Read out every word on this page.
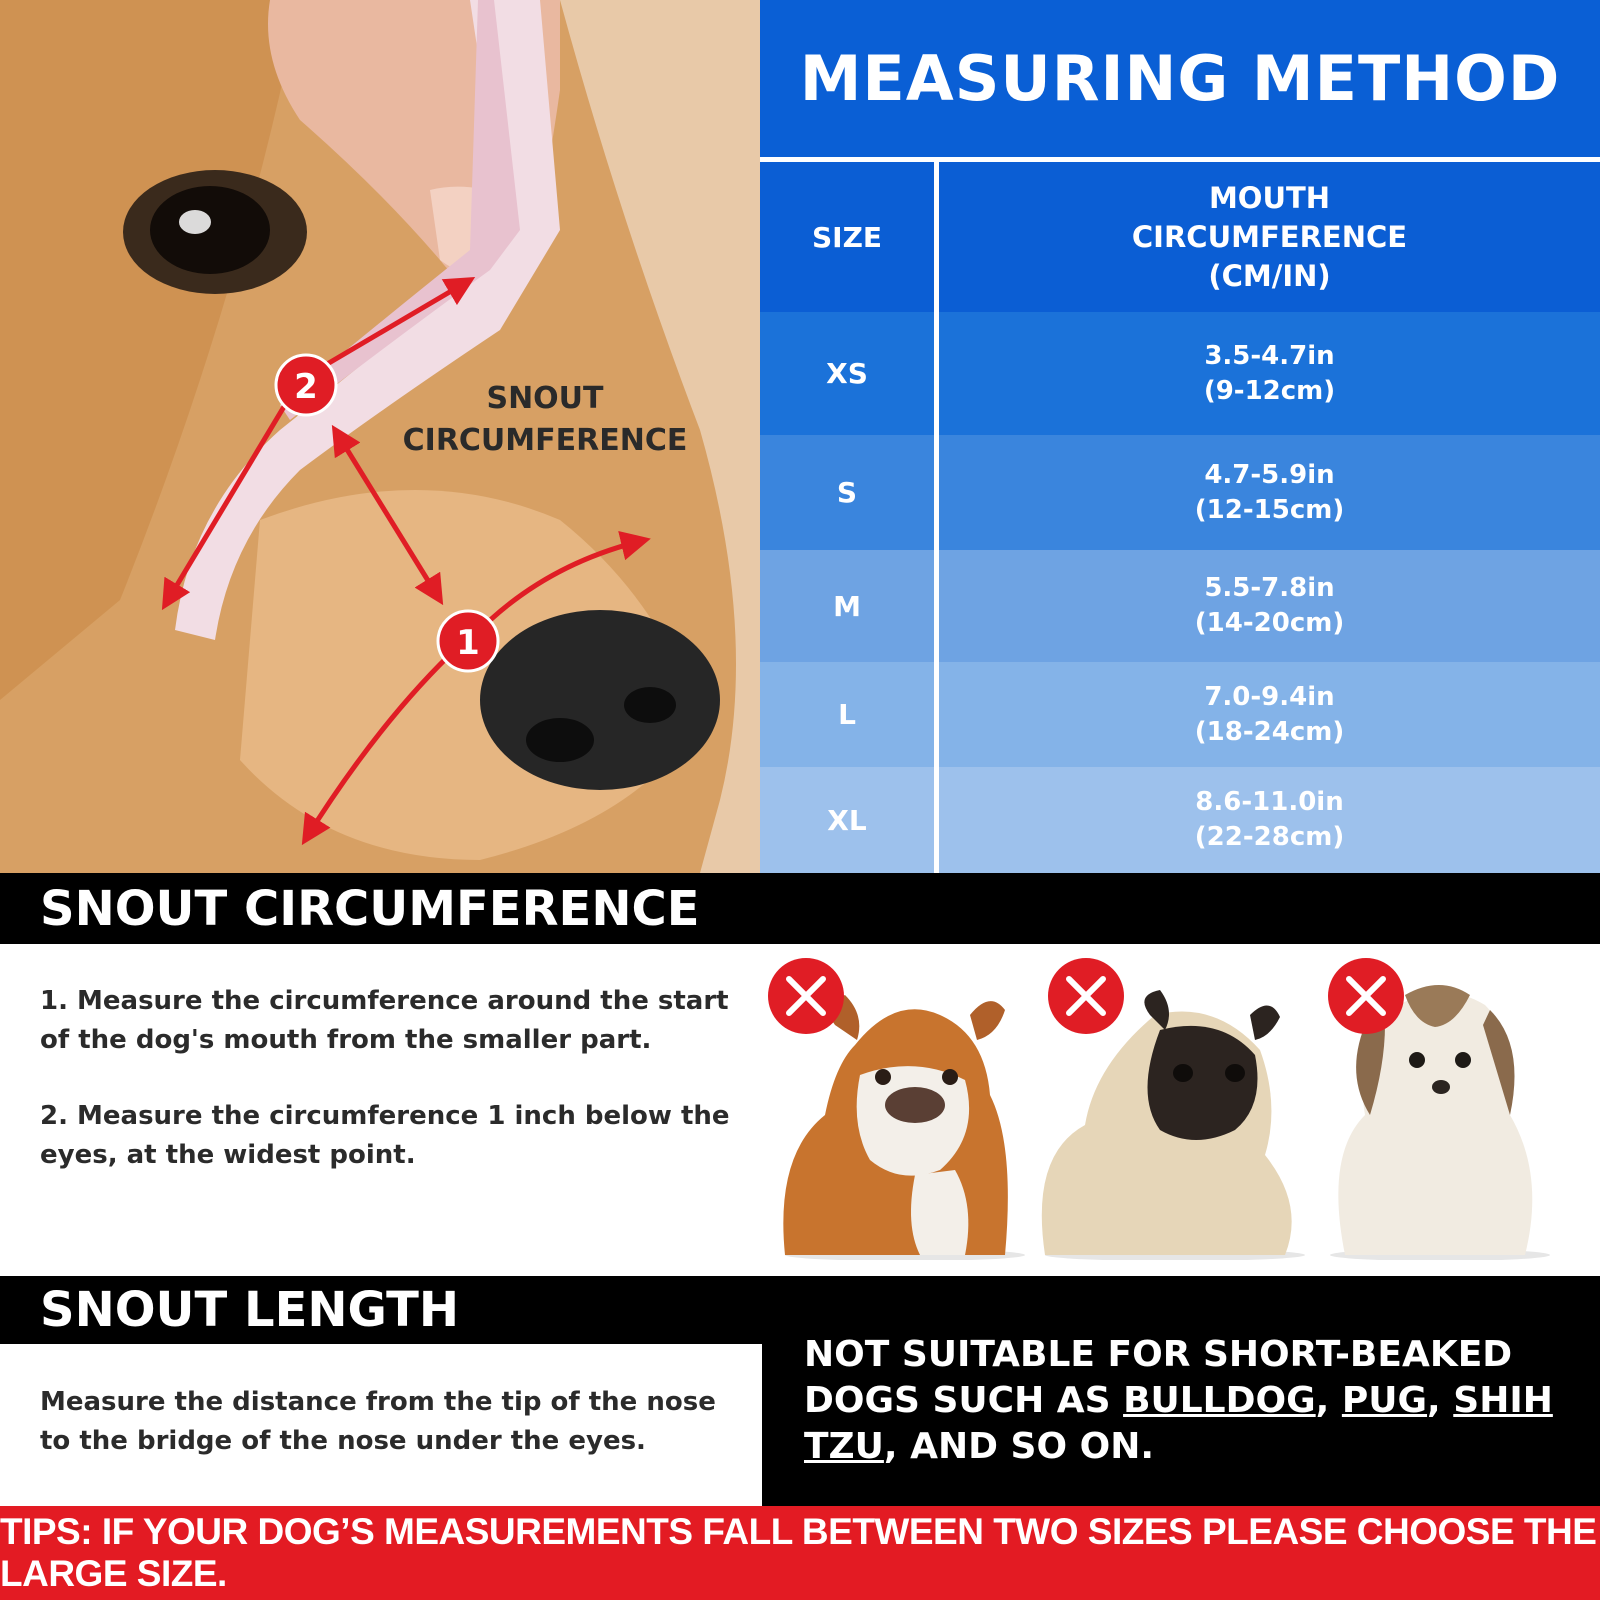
2
1
SNOUT
CIRCUMFERENCE
MEASURING METHOD
SIZE
MOUTH
CIRCUMFERENCE
(CM/IN)
XS
3.5-4.7in
(9-12cm)
S
4.7-5.9in
(12-15cm)
M
5.5-7.8in
(14-20cm)
L
7.0-9.4in
(18-24cm)
XL
8.6-11.0in
(22-28cm)
SNOUT CIRCUMFERENCE
1. Measure the circumference around the start of the dog's mouth from the smaller part.
2. Measure the circumference 1 inch below the eyes, at the widest point.
SNOUT LENGTH
Measure the distance from the tip of the nose to the bridge of the nose under the eyes.
NOT SUITABLE FOR SHORT-BEAKED DOGS SUCH AS BULLDOG, PUG, SHIH TZU, AND SO ON.
TIPS: IF YOUR DOG’S MEASUREMENTS FALL BETWEEN TWO SIZES PLEASE CHOOSE THE LARGE SIZE.
